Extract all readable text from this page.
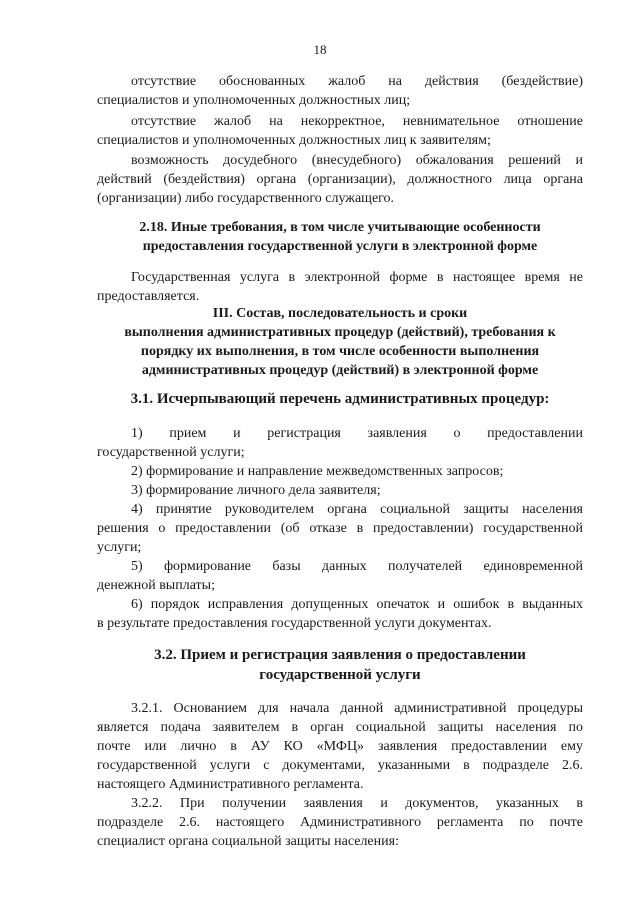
18

отсутствие обоснованных жалоб на действия (бездействие)

специалистов и уполномоченных должностных лиц;

отсутствие жалоб на некорректное, невнимательное отношение

специалистов и уполномоченных должностных лиц к заявителям;

возможность досудебного (внесудебного) обжалования решений и

действий (бездействия) органа (организации), должностного лица органа

(организации) либо государственного служащего.

2.18. Иные требования, в том числе учитывающие особенности

предоставления государственной услуги в электронной форме

Государственная услуга в электронной форме в настоящее время не

предоставляется.

III. Состав, последовательность и сроки

выполнения административных процедур (действий), требования к

порядку их выполнения, в том числе особенности выполнения

административных процедур (действий) в электронной форме

3.1. Исчерпывающий перечень административных процедур:

1) прием и регистрация заявления о предоставлении

государственной услуги;

2) формирование и направление межведомственных запросов;

3) формирование личного дела заявителя;

4) принятие руководителем органа социальной защиты населения

решения о предоставлении (об отказе в предоставлении) государственной

услуги;

5) формирование базы данных получателей единовременной

денежной выплаты;

6) порядок исправления допущенных опечаток и ошибок в выданных

в результате предоставления государственной услуги документах.

3.2. Прием и регистрация заявления о предоставлении

государственной услуги

3.2.1. Основанием для начала данной административной процедуры

является подача заявителем в орган социальной защиты населения по

почте или лично в АУ КО «МФЦ» заявления предоставлении ему

государственной услуги с документами, указанными в подразделе 2.6.

настоящего Административного регламента.

3.2.2. При получении заявления и документов, указанных в

подразделе 2.6. настоящего Административного регламента по почте

специалист органа социальной защиты населения:
